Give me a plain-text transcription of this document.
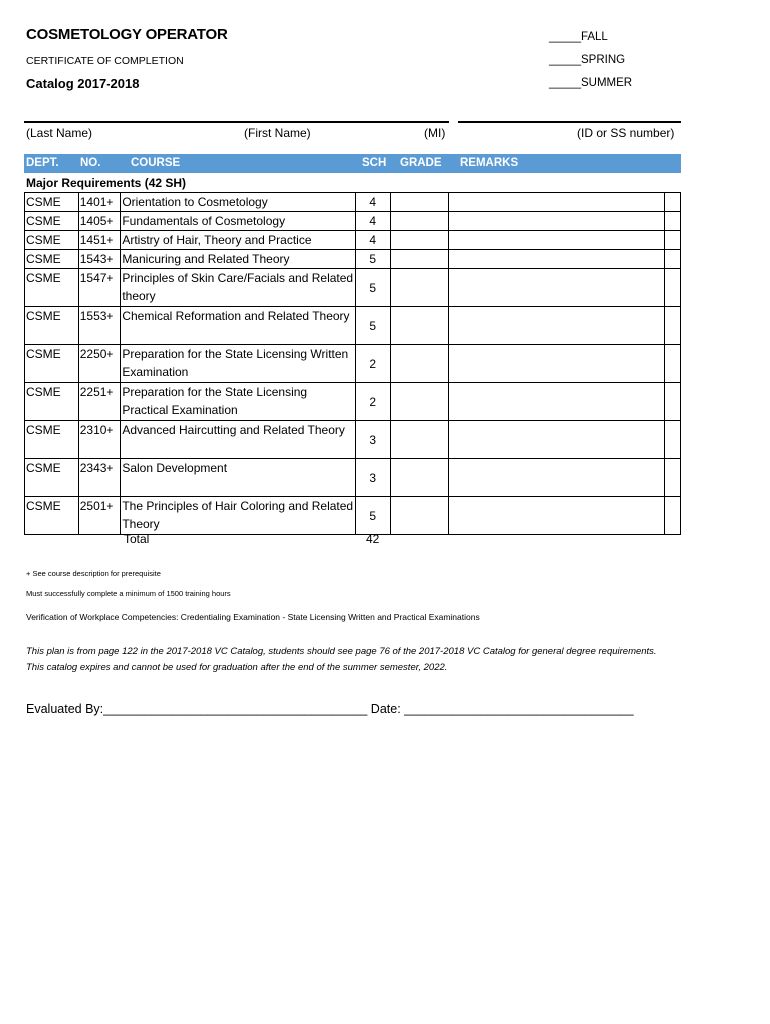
COSMETOLOGY OPERATOR
CERTIFICATE OF COMPLETION
Catalog 2017-2018
_____FALL
_____SPRING
_____SUMMER
(Last Name)	(First Name)	(MI)	(ID or SS number)
DEPT. NO.	COURSE	SCH GRADE REMARKS
Major Requirements (42 SH)
CSME	1401+	Orientation to Cosmetology	4			
CSME	1405+	Fundamentals of Cosmetology	4			
CSME	1451+	Artistry of Hair, Theory and Practice	4			
CSME	1543+	Manicuring and Related Theory	5			
CSME	1547+	Principles of Skin Care/Facials and Related theory	5			
CSME	1553+	Chemical Reformation and Related Theory	5			
CSME	2250+	Preparation for the State Licensing Written Examination	2			
CSME	2251+	Preparation for the State Licensing Practical Examination	2			
CSME	2310+	Advanced Haircutting and Related Theory	3			
CSME	2343+	Salon Development	3			
CSME	2501+	The Principles of Hair Coloring and Related Theory	5			
Total	42
+ See course description for prerequisite
Must successfully complete a minimum of 1500 training hours
Verification of Workplace Competencies: Credentialing Examination - State Licensing Written and Practical Examinations
This plan is from page 122 in the 2017-2018 VC Catalog, students should see page 76 of the 2017-2018 VC Catalog for general degree requirements. This catalog expires and cannot be used for graduation after the end of the summer semester, 2022.
Evaluated By:______________________________________ Date: _________________________________
